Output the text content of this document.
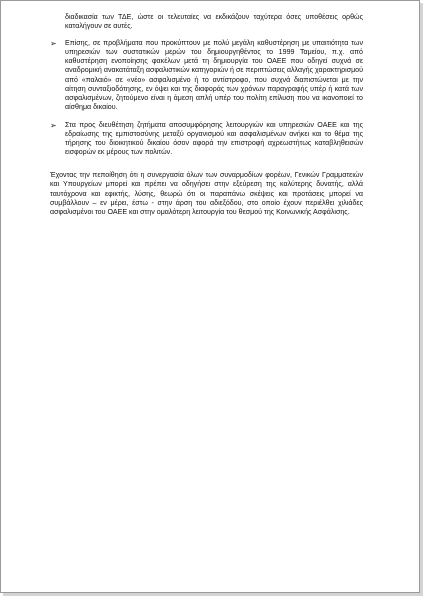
διαδικασία των ΤΔΕ, ώστε οι τελευταίες να εκδικάζουν ταχύτερα όσες υποθέσεις ορθώς καταλήγουν σε αυτές.

➢ Επίσης, σε προβλήματα που προκύπτουν με πολύ μεγάλη καθυστέρηση με υπαιτιότητα των υπηρεσιών των συστατικών μερών του δημιουργηθέντος το 1999 Ταμείου, π.χ. από καθυστέρηση ενοποίησης φακέλων μετά τη δημιουργία του ΟΑΕΕ που οδηγεί συχνά σε αναδρομική ανακατάταξη ασφαλιστικών κατηγοριών ή σε περιπτώσεις αλλαγής χαρακτηρισμού από «παλαιό» σε «νέο» ασφαλισμένο ή το αντίστροφο, που συχνά διαπιστώνεται με την αίτηση συνταξιοδότησης, εν όψει και της διαφοράς των χρόνων παραγραφής υπέρ ή κατά των ασφαλισμένων, ζητούμενο είναι η άμεση απλή υπέρ του πολίτη επίλυση που να ικανοποιεί το αίσθημα δικαίου.

➢ Στα προς διευθέτηση ζητήματα αποσυμφόρησης λειτουργιών και υπηρεσιών ΟΑΕΕ και της εδραίωσης της εμπιστοσύνης μεταξύ οργανισμού και ασφαλισμένων ανήκει και το θέμα της τήρησης του διοικητικού δικαίου όσον αφορά την επιστροφή αχρεωστήτως καταβληθεισών εισφορών εκ μέρους των πολιτών.

Έχοντας την πεποίθηση ότι η συνεργασία όλων των συναρμοδίων φορέων, Γενικών Γραμματειών και Υπουργείων μπορεί και πρέπει να οδηγήσει στην εξεύρεση της καλύτερης δυνατής, αλλά ταυτόχρονα και εφικτής, λύσης, θεωρώ ότι οι παραπάνω σκέψεις και προτάσεις μπορεί να συμβάλλουν – εν μέρει, έστω - στην άρση του αδιεξόδου, στο οποίο έχουν περιέλθει χιλιάδες ασφαλισμένοι του ΟΑΕΕ και στην ομαλότερη λειτουργία του θεσμού της Κοινωνικής Ασφάλισης.
